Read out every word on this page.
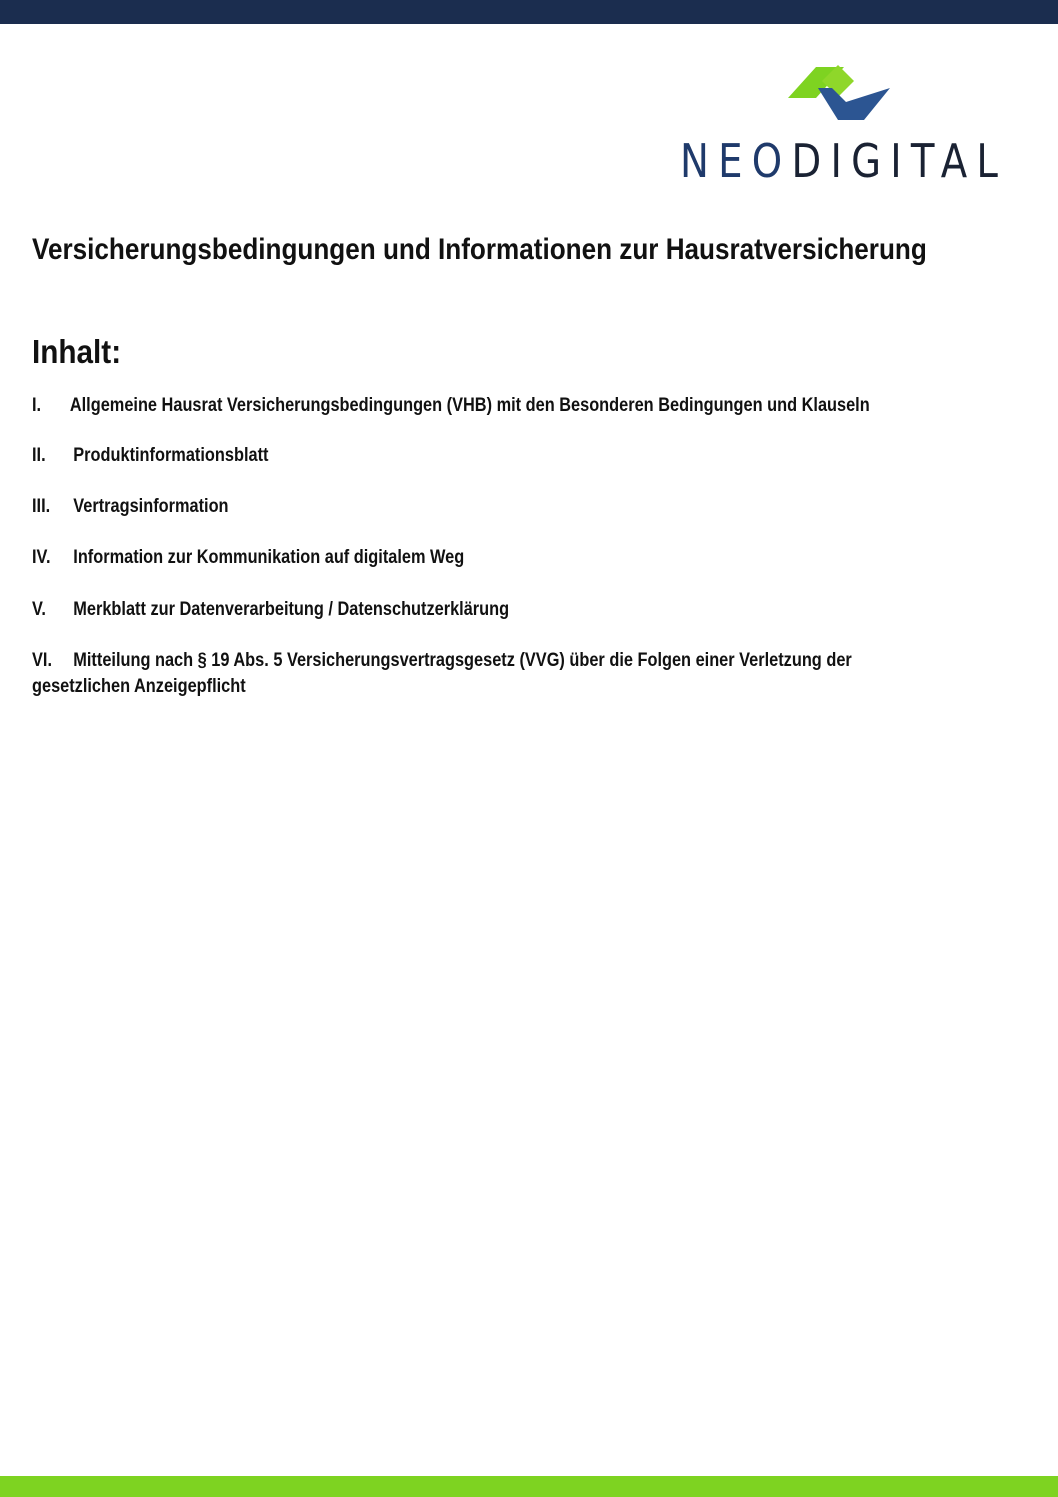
NEODIGITAL
Versicherungsbedingungen und Informationen zur Hausratversicherung
Inhalt:
I. Allgemeine Hausrat Versicherungsbedingungen (VHB) mit den Besonderen Bedingungen und Klauseln
II. Produktinformationsblatt
III. Vertragsinformation
IV. Information zur Kommunikation auf digitalem Weg
V. Merkblatt zur Datenverarbeitung / Datenschutzerklärung
VI. Mitteilung nach § 19 Abs. 5 Versicherungsvertragsgesetz (VVG) über die Folgen einer Verletzung der gesetzlichen Anzeigepflicht
